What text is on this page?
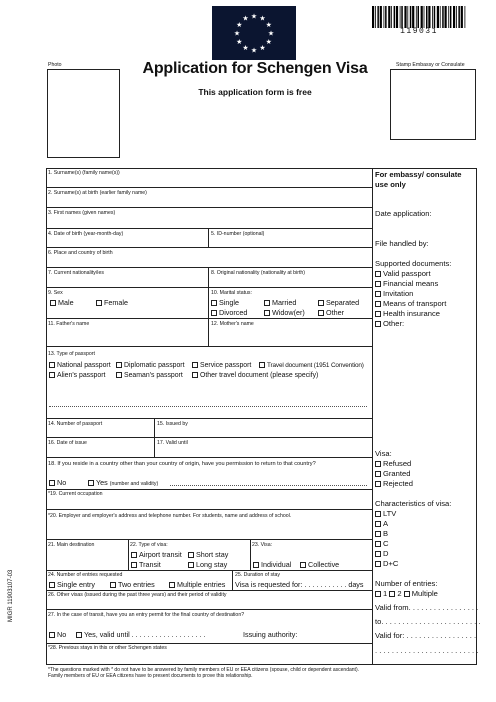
★ ★
★
★
★
★
★
★
★
★
★
★
119031
Photo	Stamp Embassy or Consulate
Application for Schengen Visa
This application form is free
1. Surname(s) (family name(s))
2. Surname(s) at birth (earlier family name)
3. First names (given names)
4. Date of birth (year-month-day)	5. ID-number (optional)
6. Place and country of birth
7. Current nationality/ies	8. Original nationality (nationality at birth)
9. Sex
Male	Female
10. Marital status:
Single	Married	Separated
Divorced	Widow(er)	Other
11. Father's name	12. Mother's name
13. Type of passport
National passport	Diplomatic passport	Service passport	Travel document (1951 Convention)
Alien's passport	Seaman's passport	Other travel document (please specify)
14. Number of passport	15. Issued by
16. Date of issue	17. Valid until
18. If you reside in a country other than your country of origin, have you permission to return to that country?
No	Yes (number and validity)
*19. Current occupation
*20. Employer and employer's address and telephone number. For students, name and address of school.
21. Main destination	22. Type of visa:
Airport transit	Short stay
Transit	Long stay
23. Visa:
Individual	Collective
24. Number of entries requested
Single entry	Two entries	Multiple entries
25. Duration of stay
Visa is requested for: . . . . . . . . . . . days
26. Other visas (issued during the past three years) and their period of validity
27. In the case of transit, have you an entry permit for the final country of destination?
No	Yes, valid until . . . . . . . . . . . . . . . . . . .	Issuing authority:
*28. Previous stays in this or other Schengen states
For embassy/ consulate use only
Date application:
File handled by:
Supported documents:
Valid passport
Financial means
Invitation
Means of transport
Health insurance
Other:
Visa:
Refused
Granted
Rejected
Characteristics of visa:
LTV
A
B
C
D
D+C
Number of entries:
1 2 Multiple
Valid from. . . . . . . . . . . . . . . . .
to. . . . . . . . . . . . . . . . . . . . . . . .
Valid for: . . . . . . . . . . . . . . . . .
. . . . . . . . . . . . . . . . . . . . . . . . .
MIGR 11903107-03
*The questions marked with * do not have to be answered by family members of EU or EEA citizens (spouse, child or dependent ascendant).
Family members of EU or EEA citizens have to present documents to prove this relationship.
